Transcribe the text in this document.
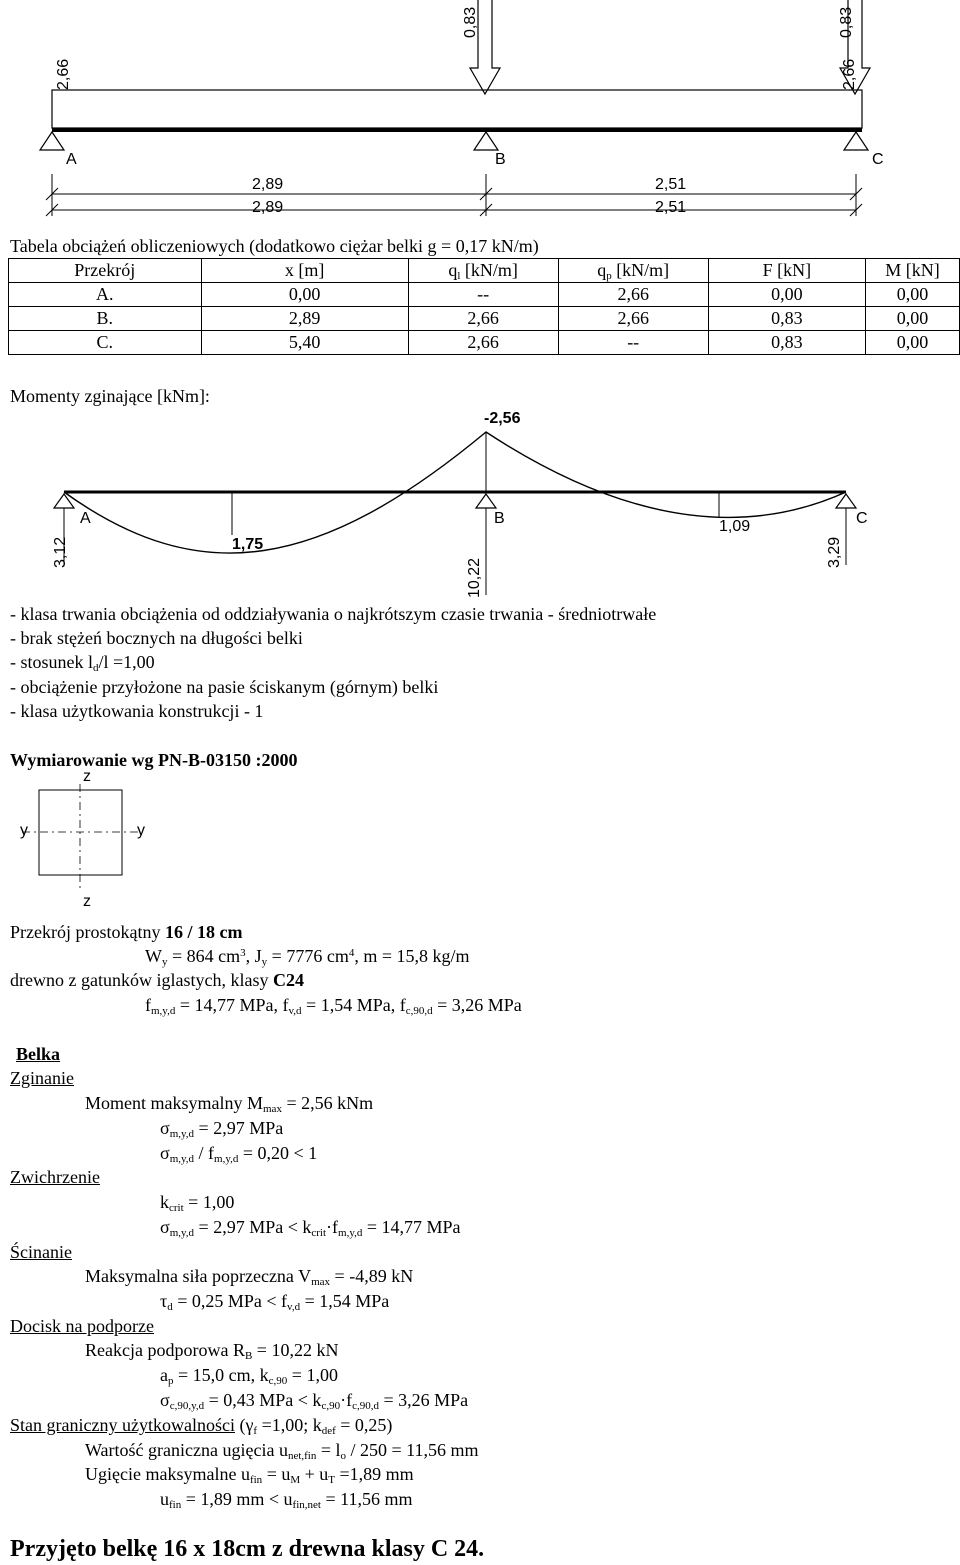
2,66	2,66
0,83	0,83
A	B	C
2,89
2,89
2,51
2,51
Tabela obciążeń obliczeniowych (dodatkowo ciężar belki g = 0,17 kN/m)
Przekrój	x [m]	$q_l$ [kN/m]	$q_p$ [kN/m]	F [kN]	M [kN]
A.	0,00	--	2,66	0,00	0,00
B.	2,89	2,66	2,66	0,83	0,00
C.	5,40	2,66	--	0,83	0,00
Momenty zginające [kNm]:
-2,56
1,75
1,09
3,12
10,22
3,29
A	B	C
- klasa trwania obciążenia od oddziaływania o najkrótszym czasie trwania - średniotrwałe
- brak stężeń bocznych na długości belki
- stosunek $l_d/l =1,00$
- obciążenie przyłożone na pasie ściskanym (górnym) belki
- klasa użytkowania konstrukcji - 1
Wymiarowanie wg PN-B-03150 :2000
z
z
y	y
Przekrój prostokątny 16 / 18 cm
$W_y = 864$ $cm^3$, $J_y = 7776$ $cm^4$, m = 15,8 kg/m
drewno z gatunków iglastych, klasy C24
$f_{m,y,d} = 14,77$ MPa, $f_{v,d} = 1,54$ MPa, $f_{c,90,d} = 3,26$ MPa
Belka
Zginanie
Moment maksymalny $M_{max} = 2,56$ kNm
$\sigma_{m,y,d} = 2,97$ MPa
$\sigma_{m,y,d} / f_{m,y,d} = 0,20 < 1$
Zwichrzenie
$k_{crit} = 1,00$
$\sigma_{m,y,d} = 2,97$ MPa < $k_{crit}\cdot f_{m,y,d} = 14,77$ MPa
Ścinanie
Maksymalna siła poprzeczna $V_{max} = -4,89$ kN
$\tau_d = 0,25$ MPa < $f_{v,d} = 1,54$ MPa
Docisk na podporze
Reakcja podporowa $R_B = 10,22$ kN
$a_p = 15,0$ cm, $k_{c,90} = 1,00$
$\sigma_{c,90,y,d} = 0,43$ MPa < $k_{c,90}\cdot f_{c,90,d} = 3,26$ MPa
Stan graniczny użytkowalności ($\gamma_f =1,00$; $k_{def} = 0,25$)
Wartość graniczna ugięcia $u_{net,fin} = l_o / 250 = 11,56$ mm
Ugięcie maksymalne $u_{fin} = u_M + u_T =1,89$ mm
$u_{fin} = 1,89$ mm < $u_{fin,net} = 11,56$ mm
Przyjęto belkę 16 x 18cm z drewna klasy C 24.
